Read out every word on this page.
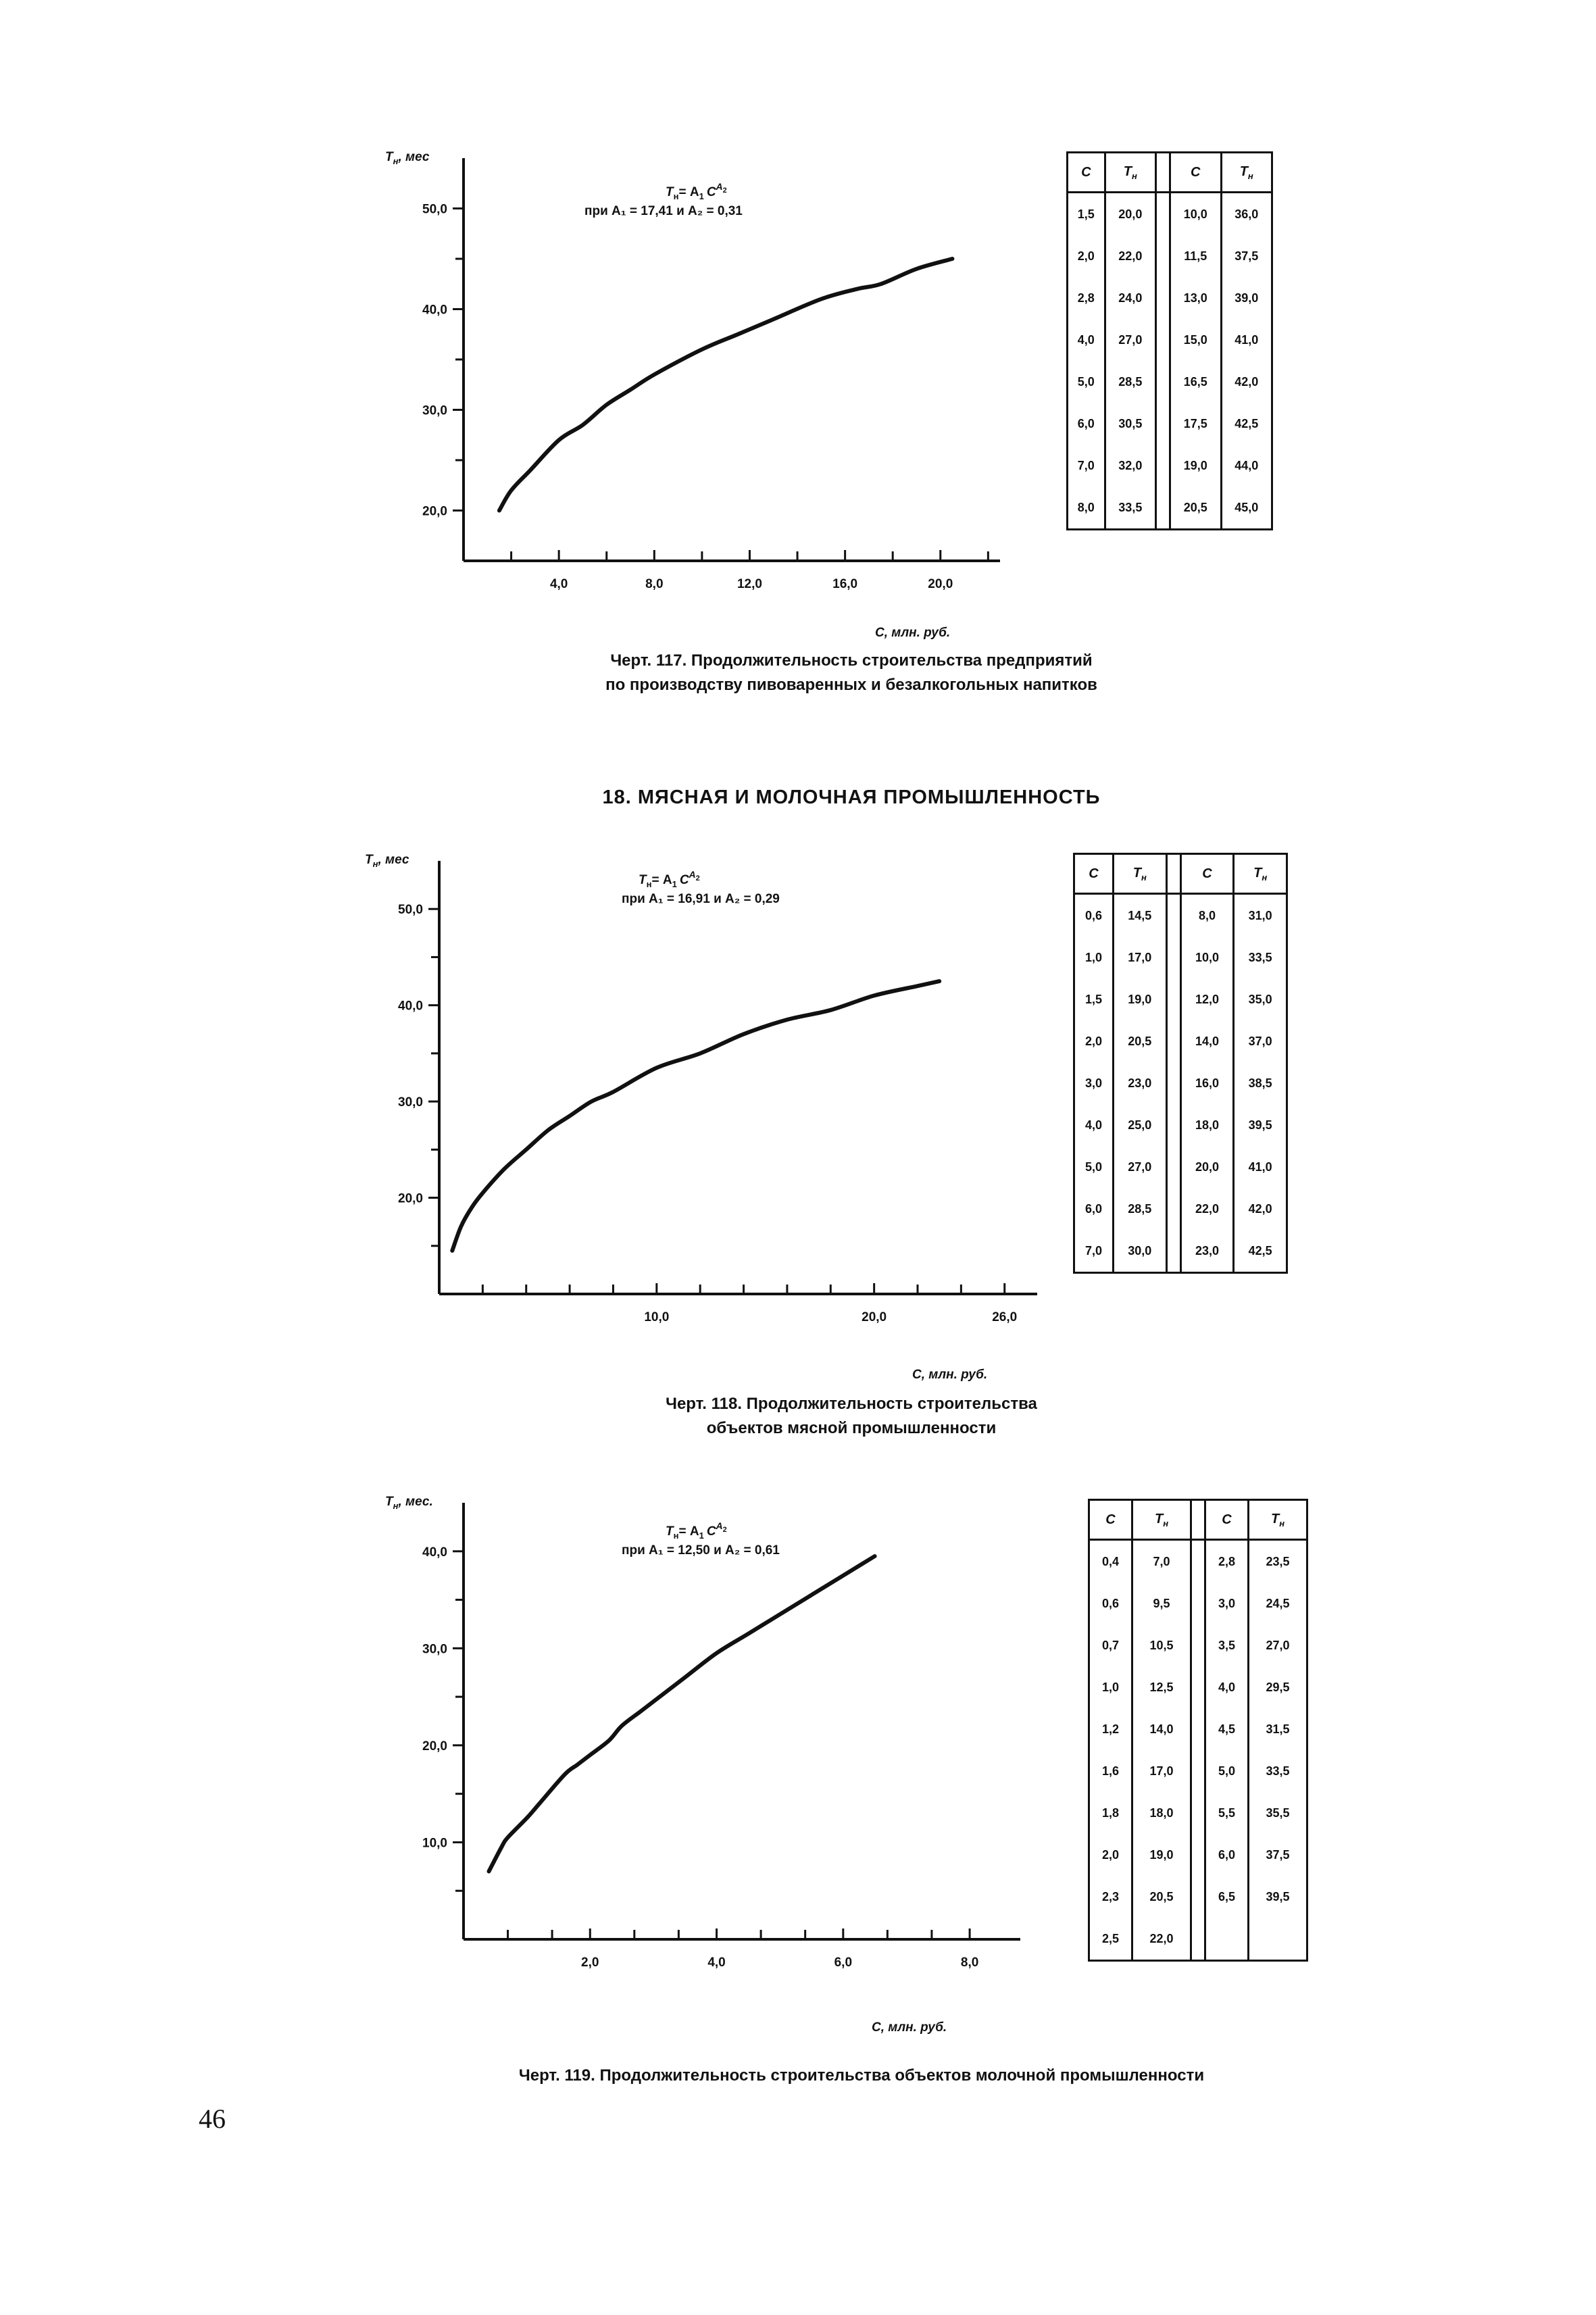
20,0
30,0
40,0
50,0
4,0	8,0	12,0	16,0	20,0
$Т_н$, мес
$Т_н= A_1$ $C^A_2$
при A₁ = 17,41 и A₂ = 0,31
С, млн. руб.
С	$Т_н$		С	$Т_н$
1,5	20,0		10,0	36,0
2,0	22,0		11,5	37,5
2,8	24,0		13,0	39,0
4,0	27,0		15,0	41,0
5,0	28,5		16,5	42,0
6,0	30,5		17,5	42,5
7,0	32,0		19,0	44,0
8,0	33,5		20,5	45,0
Черт. 117. Продолжительность строительства предприятий
по производству пивоваренных и безалкогольных напитков
18. МЯСНАЯ И МОЛОЧНАЯ ПРОМЫШЛЕННОСТЬ
20,0
30,0
40,0
50,0
10,0	20,0	26,0
$Т_н$, мес
$Т_н= A_1$ $C^A_2$
при A₁ = 16,91 и A₂ = 0,29
С, млн. руб.
С	$Т_н$		С	$Т_н$
0,6	14,5		8,0	31,0
1,0	17,0		10,0	33,5
1,5	19,0		12,0	35,0
2,0	20,5		14,0	37,0
3,0	23,0		16,0	38,5
4,0	25,0		18,0	39,5
5,0	27,0		20,0	41,0
6,0	28,5		22,0	42,0
7,0	30,0		23,0	42,5
Черт. 118. Продолжительность строительства
объектов мясной промышленности
10,0
20,0
30,0
40,0
2,0	4,0	6,0	8,0
$Т_н$, мес.
$Т_н= A_1$ $C^A_2$
при A₁ = 12,50 и A₂ = 0,61
С, млн. руб.
С	$Т_н$		С	$Т_н$
0,4	7,0		2,8	23,5
0,6	9,5		3,0	24,5
0,7	10,5		3,5	27,0
1,0	12,5		4,0	29,5
1,2	14,0		4,5	31,5
1,6	17,0		5,0	33,5
1,8	18,0		5,5	35,5
2,0	19,0		6,0	37,5
2,3	20,5		6,5	39,5
2,5	22,0			
Черт. 119. Продолжительность строительства объектов молочной промышленности
46
